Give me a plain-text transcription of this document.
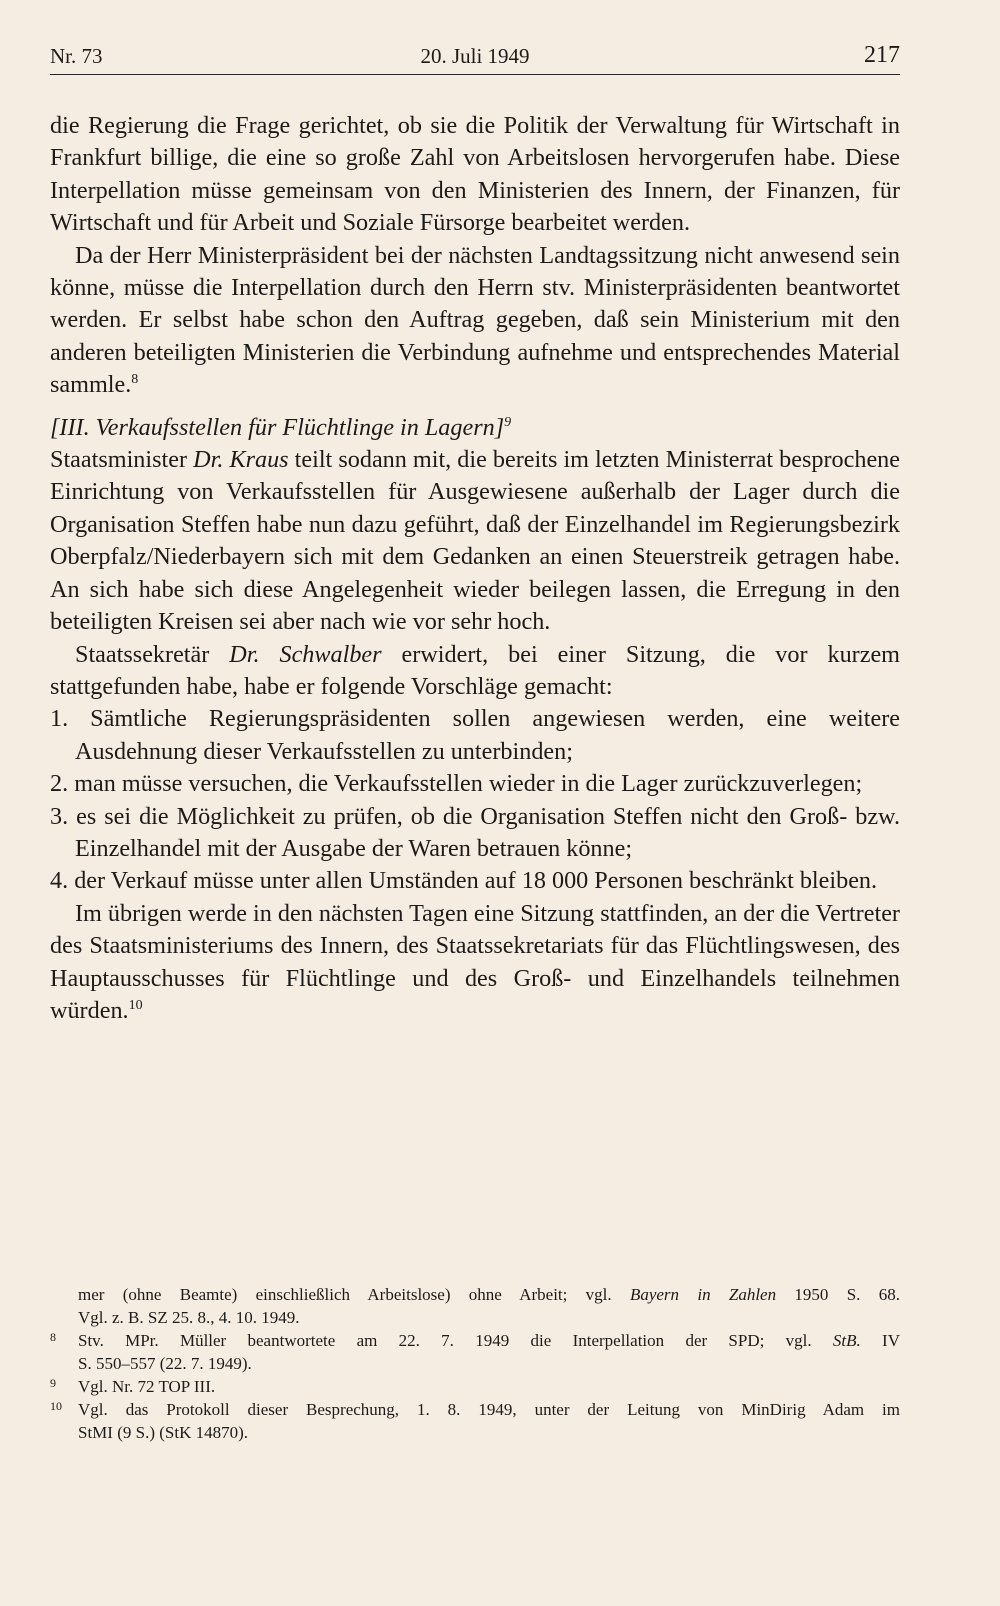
Nr. 73	20. Juli 1949	217

die Regierung die Frage gerichtet, ob sie die Politik der Verwaltung für Wirtschaft in Frankfurt billige, die eine so große Zahl von Arbeitslosen hervorgerufen habe. Diese Interpellation müsse gemeinsam von den Ministerien des Innern, der Finanzen, für Wirtschaft und für Arbeit und Soziale Fürsorge bearbeitet werden.

Da der Herr Ministerpräsident bei der nächsten Landtagssitzung nicht anwesend sein könne, müsse die Interpellation durch den Herrn stv. Ministerpräsidenten beantwortet werden. Er selbst habe schon den Auftrag gegeben, daß sein Ministerium mit den anderen beteiligten Ministerien die Verbindung aufnehme und entsprechendes Material sammle.$^8$

[III. Verkaufsstellen für Flüchtlinge in Lagern]$^9$

Staatsminister Dr. Kraus teilt sodann mit, die bereits im letzten Ministerrat besprochene Einrichtung von Verkaufsstellen für Ausgewiesene außerhalb der Lager durch die Organisation Steffen habe nun dazu geführt, daß der Einzelhandel im Regierungsbezirk Oberpfalz/Niederbayern sich mit dem Gedanken an einen Steuerstreik getragen habe. An sich habe sich diese Angelegenheit wieder beilegen lassen, die Erregung in den beteiligten Kreisen sei aber nach wie vor sehr hoch.

Staatssekretär Dr. Schwalber erwidert, bei einer Sitzung, die vor kurzem stattgefunden habe, habe er folgende Vorschläge gemacht:

1. Sämtliche Regierungspräsidenten sollen angewiesen werden, eine weitere Ausdehnung dieser Verkaufsstellen zu unterbinden;

2. man müsse versuchen, die Verkaufsstellen wieder in die Lager zurückzuverlegen;

3. es sei die Möglichkeit zu prüfen, ob die Organisation Steffen nicht den Groß- bzw. Einzelhandel mit der Ausgabe der Waren betrauen könne;

4. der Verkauf müsse unter allen Umständen auf 18 000 Personen beschränkt bleiben.

Im übrigen werde in den nächsten Tagen eine Sitzung stattfinden, an der die Vertreter des Staatsministeriums des Innern, des Staatssekretariats für das Flüchtlingswesen, des Hauptausschusses für Flüchtlinge und des Groß- und Einzelhandels teilnehmen würden.$^{10}$

mer (ohne Beamte) einschließlich Arbeitslose) ohne Arbeit; vgl. Bayern in Zahlen 1950 S. 68.
Vgl. z. B. SZ 25. 8., 4. 10. 1949.
8 Stv. MPr. Müller beantwortete am 22. 7. 1949 die Interpellation der SPD; vgl. StB. IV
S. 550–557 (22. 7. 1949).
9 Vgl. Nr. 72 TOP III.
10 Vgl. das Protokoll dieser Besprechung, 1. 8. 1949, unter der Leitung von MinDirig Adam im
StMI (9 S.) (StK 14870).
